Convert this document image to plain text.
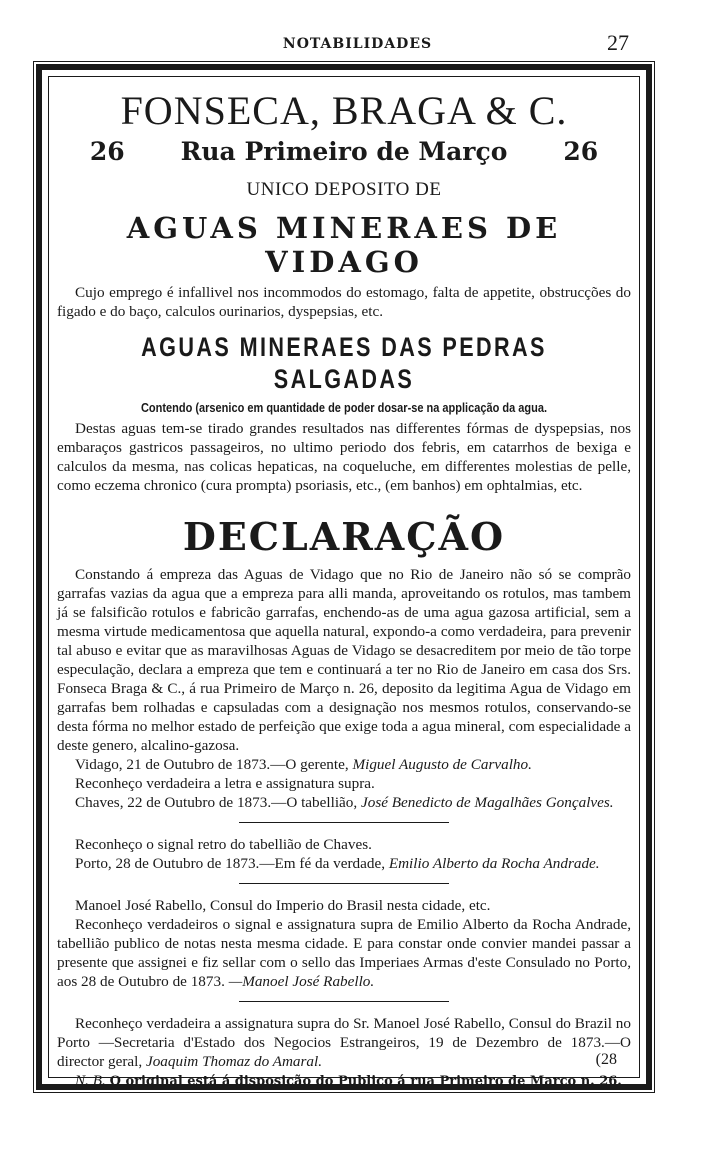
NOTABILIDADES	27

FONSECA, BRAGA & C.

26 Rua Primeiro de Março 26

UNICO DEPOSITO DE

AGUAS MINERAES DE VIDAGO

Cujo emprego é infallivel nos incommodos do estomago, falta de appetite, obstrucções do figado e do baço, calculos ourinarios, dyspepsias, etc.

AGUAS MINERAES DAS PEDRAS SALGADAS

Contendo (arsenico em quantidade de poder dosar-se na applicação da agua.

Destas aguas tem-se tirado grandes resultados nas differentes fórmas de dyspepsias, nos embaraços gastricos passageiros, no ultimo periodo dos febris, em catarrhos de bexiga e calculos da mesma, nas colicas hepaticas, na coqueluche, em differentes molestias de pelle, como eczema chronico (cura prompta) psoriasis, etc., (em banhos) em ophtalmias, etc.

DECLARAÇÃO

Constando á empreza das Aguas de Vidago que no Rio de Janeiro não só se comprão garrafas vazias da agua que a empreza para alli manda, aproveitando os rotulos, mas tambem já se falsificão rotulos e fabricão garrafas, enchendo-as de uma agua gazosa artificial, sem a mesma virtude medicamentosa que aquella natural, expondo-a como verdadeira, para prevenir tal abuso e evitar que as maravilhosas Aguas de Vidago se desacreditem por meio de tão torpe especulação, declara a empreza que tem e continuará a ter no Rio de Janeiro em casa dos Srs. Fonseca Braga & C., á rua Primeiro de Março n. 26, deposito da legitima Agua de Vidago em garrafas bem rolhadas e capsuladas com a designação nos mesmos rotulos, conservando-se desta fórma no melhor estado de perfeição que exige toda a agua mineral, com especialidade a deste genero, alcalino-gazosa.

Vidago, 21 de Outubro de 1873.—O gerente, Miguel Augusto de Carvalho.

Reconheço verdadeira a letra e assignatura supra.

Chaves, 22 de Outubro de 1873.—O tabellião, José Benedicto de Magalhães Gonçalves.

Reconheço o signal retro do tabellião de Chaves.

Porto, 28 de Outubro de 1873.—Em fé da verdade, Emilio Alberto da Rocha Andrade.

Manoel José Rabello, Consul do Imperio do Brasil nesta cidade, etc.

Reconheço verdadeiros o signal e assignatura supra de Emilio Alberto da Rocha Andrade, tabellião publico de notas nesta mesma cidade. E para constar onde convier mandei passar a presente que assignei e fiz sellar com o sello das Imperiaes Armas d'este Consulado no Porto, aos 28 de Outubro de 1873. —Manoel José Rabello.

Reconheço verdadeira a assignatura supra do Sr. Manoel José Rabello, Consul do Brazil no Porto —Secretaria d'Estado dos Negocios Estrangeiros, 19 de Dezembro de 1873.—O director geral, Joaquim Thomaz do Amaral.

N. B. O original está á disposição do Publico á rua Primeiro de Março n. 26.

(28
